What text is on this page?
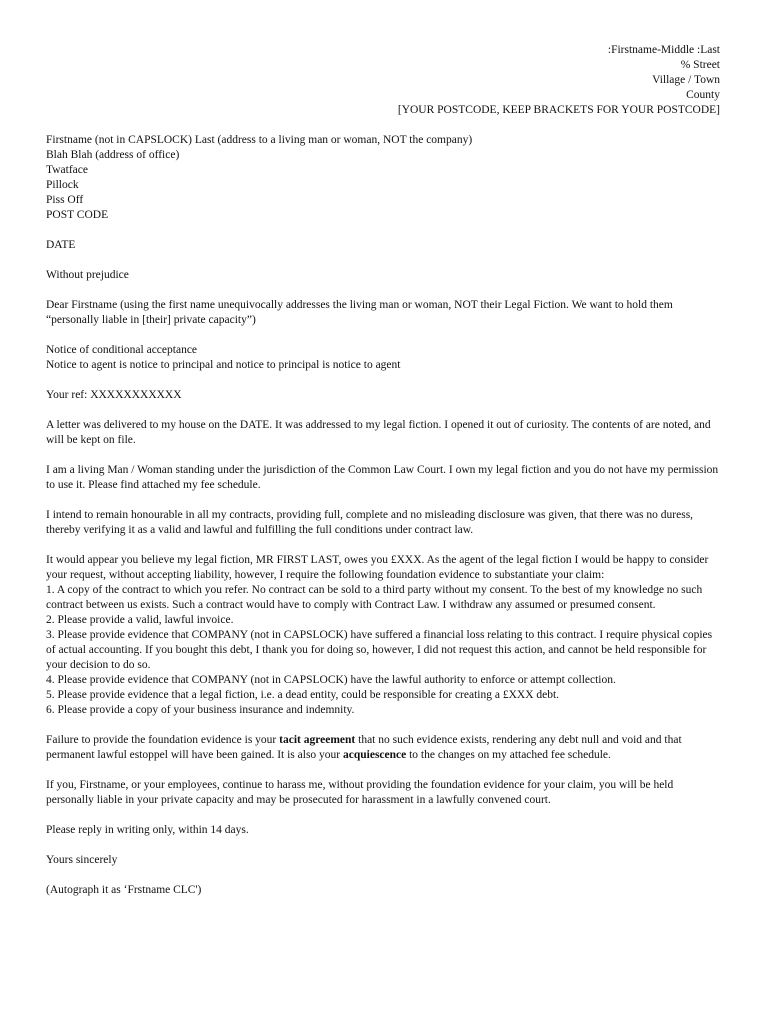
:Firstname-Middle :Last
% Street
Village / Town
County
[YOUR POSTCODE, KEEP BRACKETS FOR YOUR POSTCODE]
Firstname (not in CAPSLOCK) Last (address to a living man or woman, NOT the company)
Blah Blah (address of office)
Twatface
Pillock
Piss Off
POST CODE

DATE

Without prejudice

Dear Firstname (using the first name unequivocally addresses the living man or woman, NOT their Legal Fiction. We want to hold them “personally liable in [their] private capacity”)

Notice of conditional acceptance

Notice to agent is notice to principal and notice to principal is notice to agent

Your ref: XXXXXXXXXXX

A letter was delivered to my house on the DATE. It was addressed to my legal fiction. I opened it out of curiosity. The contents of are noted, and will be kept on file.

I am a living Man / Woman standing under the jurisdiction of the Common Law Court. I own my legal fiction and you do not have my permission to use it. Please find attached my fee schedule.

I intend to remain honourable in all my contracts, providing full, complete and no misleading disclosure was given, that there was no duress, thereby verifying it as a valid and lawful and fulfilling the full conditions under contract law.

It would appear you believe my legal fiction, MR FIRST LAST, owes you £XXX. As the agent of the legal fiction I would be happy to consider your request, without accepting liability, however, I require the following foundation evidence to substantiate your claim:

1. A copy of the contract to which you refer. No contract can be sold to a third party without my consent. To the best of my knowledge no such contract between us exists. Such a contract would have to comply with Contract Law. I withdraw any assumed or presumed consent.
2. Please provide a valid, lawful invoice.
3. Please provide evidence that COMPANY (not in CAPSLOCK) have suffered a financial loss relating to this contract. I require physical copies of actual accounting. If you bought this debt, I thank you for doing so, however, I did not request this action, and cannot be held responsible for your decision to do so.
4. Please provide evidence that COMPANY (not in CAPSLOCK) have the lawful authority to enforce or attempt collection.
5. Please provide evidence that a legal fiction, i.e. a dead entity, could be responsible for creating a £XXX debt.
6. Please provide a copy of your business insurance and indemnity.

Failure to provide the foundation evidence is your tacit agreement that no such evidence exists, rendering any debt null and void and that permanent lawful estoppel will have been gained. It is also your acquiescence to the changes on my attached fee schedule.

If you, Firstname, or your employees, continue to harass me, without providing the foundation evidence for your claim, you will be held personally liable in your private capacity and may be prosecuted for harassment in a lawfully convened court.

Please reply in writing only, within 14 days.

Yours sincerely

(Autograph it as ‘Frstname CLC')
